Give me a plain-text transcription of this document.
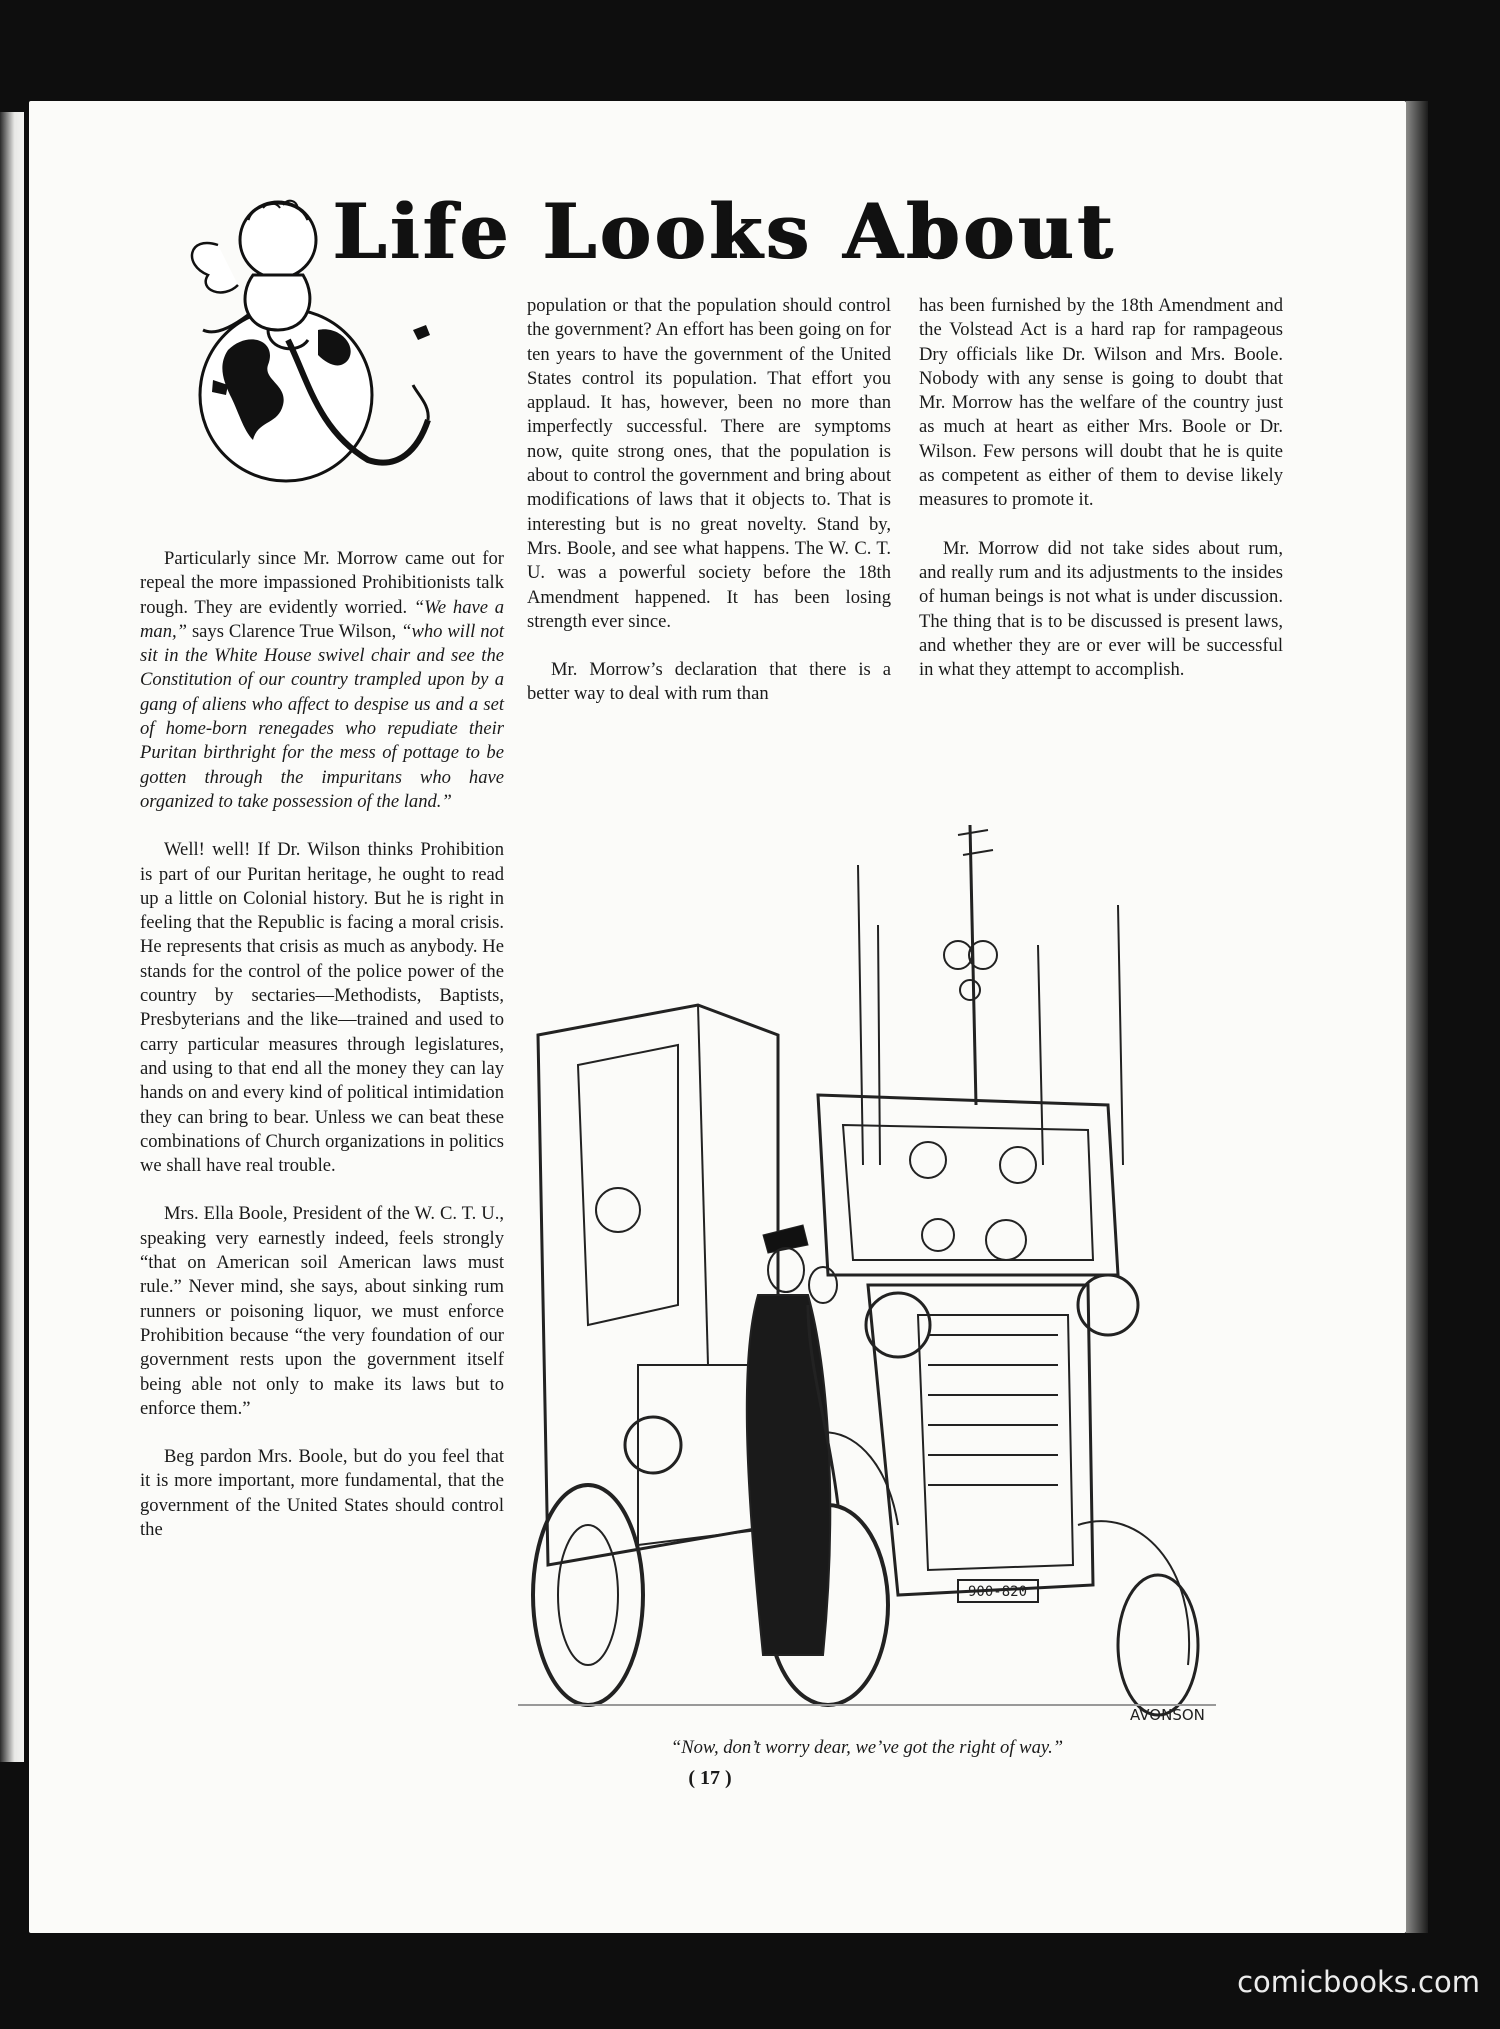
Life Looks About

Particularly since Mr. Morrow came out for repeal the more impassioned Prohibitionists talk rough. They are evidently worried. “We have a man,” says Clarence True Wilson, “who will not sit in the White House swivel chair and see the Constitution of our country trampled upon by a gang of aliens who affect to despise us and a set of home-born renegades who repudiate their Puritan birthright for the mess of pottage to be gotten through the impuritans who have organized to take possession of the land.”

Well! well! If Dr. Wilson thinks Prohibition is part of our Puritan heritage, he ought to read up a little on Colonial history. But he is right in feeling that the Republic is facing a moral crisis. He represents that crisis as much as anybody. He stands for the control of the police power of the country by sectaries—Methodists, Baptists, Presbyterians and the like—trained and used to carry particular measures through legislatures, and using to that end all the money they can lay hands on and every kind of political intimidation they can bring to bear. Unless we can beat these combinations of Church organizations in politics we shall have real trouble.

Mrs. Ella Boole, President of the W. C. T. U., speaking very earnestly indeed, feels strongly “that on American soil American laws must rule.” Never mind, she says, about sinking rum runners or poisoning liquor, we must enforce Prohibition because “the very foundation of our government rests upon the government itself being able not only to make its laws but to enforce them.”

Beg pardon Mrs. Boole, but do you feel that it is more important, more fundamental, that the government of the United States should control the

population or that the population should control the government? An effort has been going on for ten years to have the government of the United States control its population. That effort you applaud. It has, however, been no more than imperfectly successful. There are symptoms now, quite strong ones, that the population is about to control the government and bring about modifications of laws that it objects to. That is interesting but is no great novelty. Stand by, Mrs. Boole, and see what happens. The W. C. T. U. was a powerful society before the 18th Amendment happened. It has been losing strength ever since.

Mr. Morrow’s declaration that there is a better way to deal with rum than

has been furnished by the 18th Amendment and the Volstead Act is a hard rap for rampageous Dry officials like Dr. Wilson and Mrs. Boole. Nobody with any sense is going to doubt that Mr. Morrow has the welfare of the country just as much at heart as either Mrs. Boole or Dr. Wilson. Few persons will doubt that he is quite as competent as either of them to devise likely measures to promote it.

Mr. Morrow did not take sides about rum, and really rum and its adjustments to the insides of human beings is not what is under discussion. The thing that is to be discussed is present laws, and whether they are or ever will be successful in what they attempt to accomplish.

AVONSON
900-820
“Now, don’t worry dear, we’ve got the right of way.”
( 17 )
comicbooks.com
